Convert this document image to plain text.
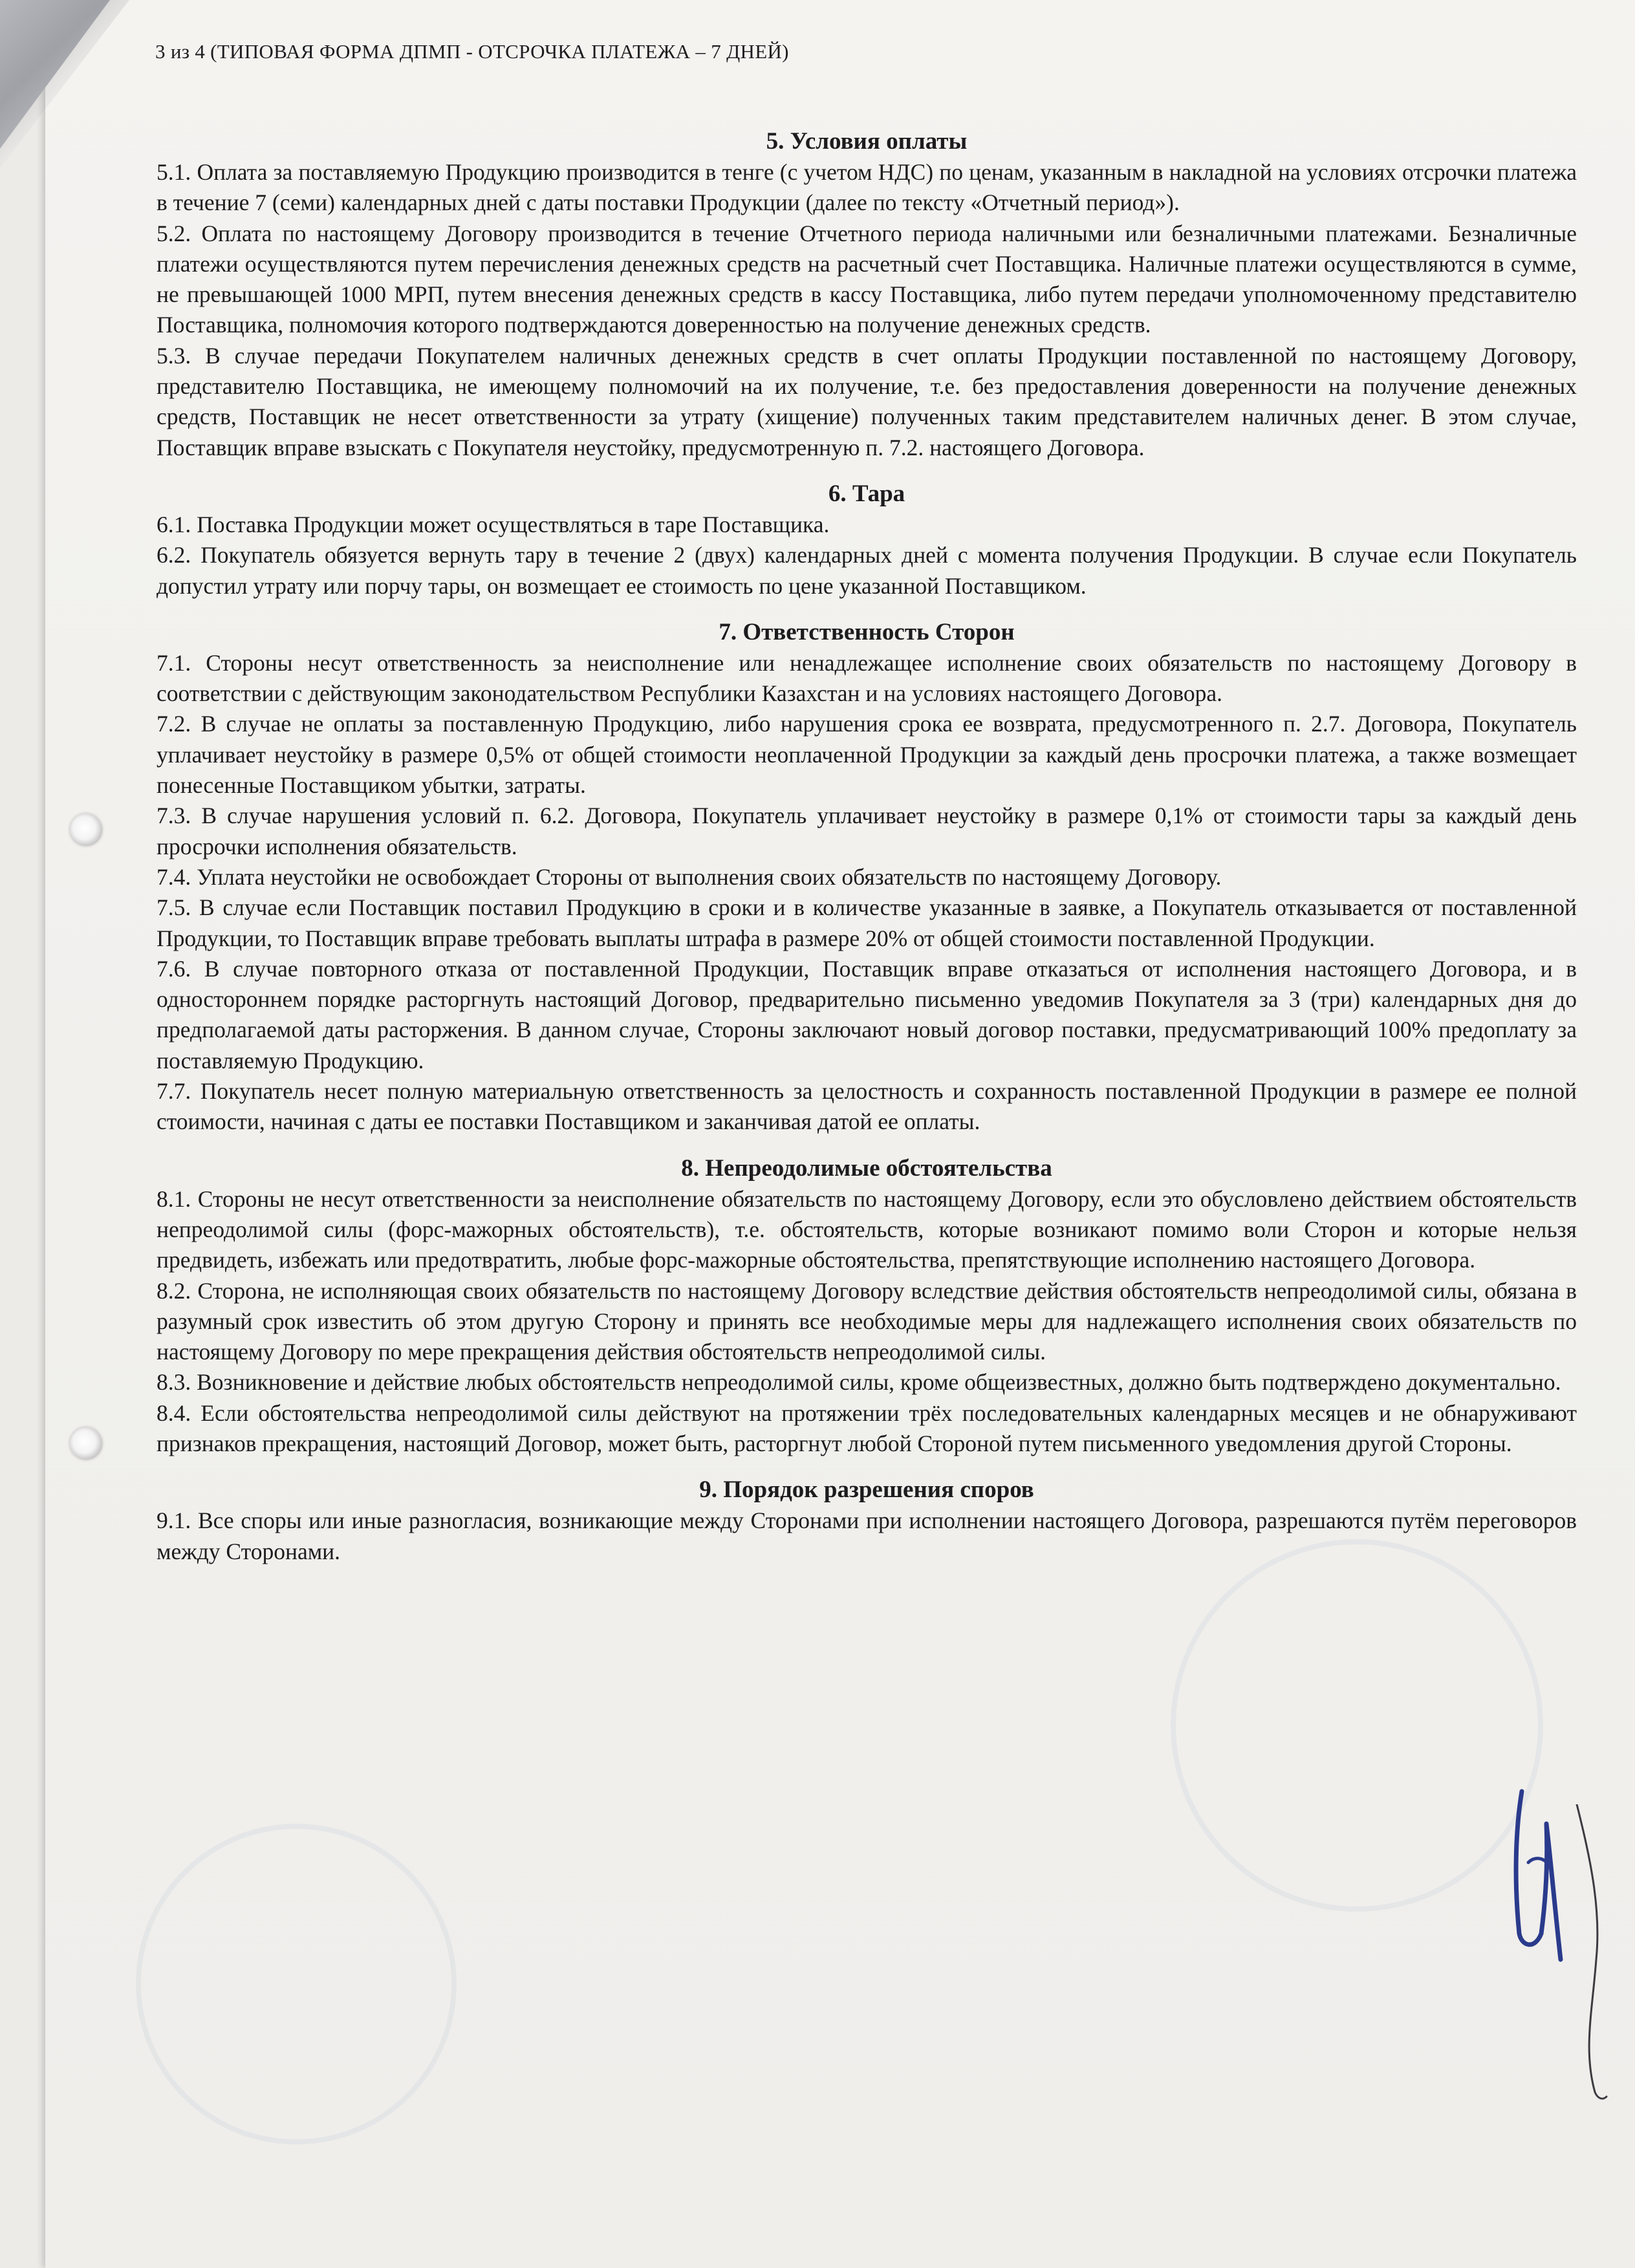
3 из 4 (ТИПОВАЯ ФОРМА ДПМП - ОТСРОЧКА ПЛАТЕЖА – 7 ДНЕЙ)
5. Условия оплаты

5.1. Оплата за поставляемую Продукцию производится в тенге (с учетом НДС) по ценам, указанным в накладной на условиях отсрочки платежа в течение 7 (семи) календарных дней с даты поставки Продукции (далее по тексту «Отчетный период»).

5.2. Оплата по настоящему Договору производится в течение Отчетного периода наличными или безналичными платежами. Безналичные платежи осуществляются путем перечисления денежных средств на расчетный счет Поставщика. Наличные платежи осуществляются в сумме, не превышающей 1000 МРП, путем внесения денежных средств в кассу Поставщика, либо путем передачи уполномоченному представителю Поставщика, полномочия которого подтверждаются доверенностью на получение денежных средств.

5.3. В случае передачи Покупателем наличных денежных средств в счет оплаты Продукции поставленной по настоящему Договору, представителю Поставщика, не имеющему полномочий на их получение, т.е. без предоставления доверенности на получение денежных средств, Поставщик не несет ответственности за утрату (хищение) полученных таким представителем наличных денег. В этом случае, Поставщик вправе взыскать с Покупателя неустойку, предусмотренную п. 7.2. настоящего Договора.

6. Тара

6.1. Поставка Продукции может осуществляться в таре Поставщика.

6.2. Покупатель обязуется вернуть тару в течение 2 (двух) календарных дней с момента получения Продукции. В случае если Покупатель допустил утрату или порчу тары, он возмещает ее стоимость по цене указанной Поставщиком.

7. Ответственность Сторон

7.1. Стороны несут ответственность за неисполнение или ненадлежащее исполнение своих обязательств по настоящему Договору в соответствии с действующим законодательством Республики Казахстан и на условиях настоящего Договора.

7.2. В случае не оплаты за поставленную Продукцию, либо нарушения срока ее возврата, предусмотренного п. 2.7. Договора, Покупатель уплачивает неустойку в размере 0,5% от общей стоимости неоплаченной Продукции за каждый день просрочки платежа, а также возмещает понесенные Поставщиком убытки, затраты.

7.3. В случае нарушения условий п. 6.2. Договора, Покупатель уплачивает неустойку в размере 0,1% от стоимости тары за каждый день просрочки исполнения обязательств.

7.4. Уплата неустойки не освобождает Стороны от выполнения своих обязательств по настоящему Договору.

7.5. В случае если Поставщик поставил Продукцию в сроки и в количестве указанные в заявке, а Покупатель отказывается от поставленной Продукции, то Поставщик вправе требовать выплаты штрафа в размере 20% от общей стоимости поставленной Продукции.

7.6. В случае повторного отказа от поставленной Продукции, Поставщик вправе отказаться от исполнения настоящего Договора, и в одностороннем порядке расторгнуть настоящий Договор, предварительно письменно уведомив Покупателя за 3 (три) календарных дня до предполагаемой даты расторжения. В данном случае, Стороны заключают новый договор поставки, предусматривающий 100% предоплату за поставляемую Продукцию.

7.7. Покупатель несет полную материальную ответственность за целостность и сохранность поставленной Продукции в размере ее полной стоимости, начиная с даты ее поставки Поставщиком и заканчивая датой ее оплаты.

8. Непреодолимые обстоятельства

8.1. Стороны не несут ответственности за неисполнение обязательств по настоящему Договору, если это обусловлено действием обстоятельств непреодолимой силы (форс-мажорных обстоятельств), т.е. обстоятельств, которые возникают помимо воли Сторон и которые нельзя предвидеть, избежать или предотвратить, любые форс-мажорные обстоятельства, препятствующие исполнению настоящего Договора.

8.2. Сторона, не исполняющая своих обязательств по настоящему Договору вследствие действия обстоятельств непреодолимой силы, обязана в разумный срок известить об этом другую Сторону и принять все необходимые меры для надлежащего исполнения своих обязательств по настоящему Договору по мере прекращения действия обстоятельств непреодолимой силы.

8.3. Возникновение и действие любых обстоятельств непреодолимой силы, кроме общеизвестных, должно быть подтверждено документально.

8.4. Если обстоятельства непреодолимой силы действуют на протяжении трёх последовательных календарных месяцев и не обнаруживают признаков прекращения, настоящий Договор, может быть, расторгнут любой Стороной путем письменного уведомления другой Стороны.

9. Порядок разрешения споров

9.1. Все споры или иные разногласия, возникающие между Сторонами при исполнении настоящего Договора, разрешаются путём переговоров между Сторонами.
